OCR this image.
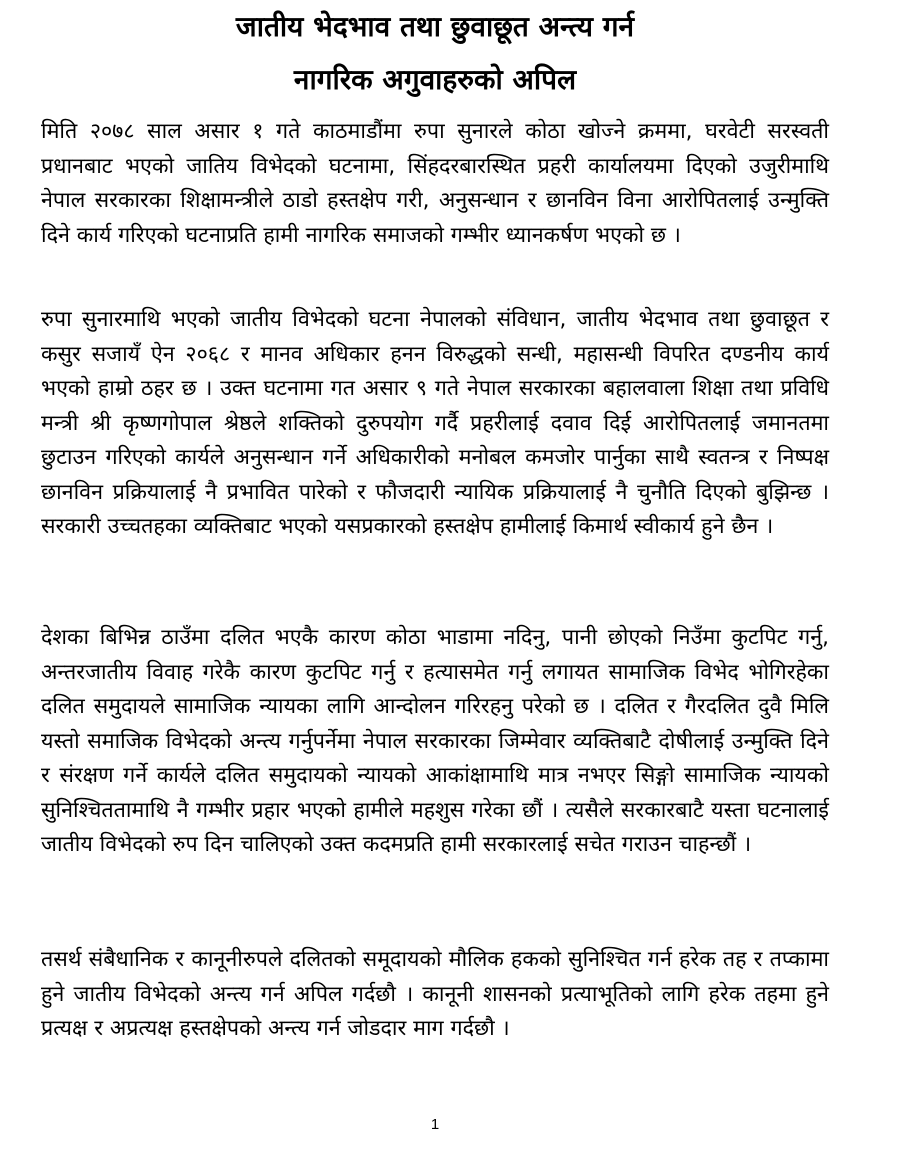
जातीय भेदभाव तथा छुवाछूत अन्त्य गर्न
नागरिक अगुवाहरुको अपिल

मिति २०७८ साल असार १ गते काठमाडौंमा रुपा सुनारले कोठा खोज्ने क्रममा, घरवेटी सरस्वती प्रधानबाट भएको जातिय विभेदको घटनामा, सिंहदरबारस्थित प्रहरी कार्यालयमा दिएको उजुरीमाथि नेपाल सरकारका शिक्षामन्त्रीले ठाडो हस्तक्षेप गरी, अनुसन्धान र छानविन विना आरोपितलाई उन्मुक्ति दिने कार्य गरिएको घटनाप्रति हामी नागरिक समाजको गम्भीर ध्यानकर्षण भएको छ ।

रुपा सुनारमाथि भएको जातीय विभेदको घटना नेपालको संविधान, जातीय भेदभाव तथा छुवाछूत र कसुर सजायँ ऐन २०६८ र मानव अधिकार हनन विरुद्धको सन्धी, महासन्धी विपरित दण्डनीय कार्य भएको हाम्रो ठहर छ । उक्त घटनामा गत असार ९ गते नेपाल सरकारका बहालवाला शिक्षा तथा प्रविधि मन्त्री श्री कृष्णगोपाल श्रेष्ठले शक्तिको दुरुपयोग गर्दै प्रहरीलाई दवाव दिई आरोपितलाई जमानतमा छुटाउन गरिएको कार्यले अनुसन्धान गर्ने अधिकारीको मनोबल कमजोर पार्नुका साथै स्वतन्त्र र निष्पक्ष छानविन प्रक्रियालाई नै प्रभावित पारेको र फौजदारी न्यायिक प्रक्रियालाई नै चुनौति दिएको बुझिन्छ । सरकारी उच्चतहका व्यक्तिबाट भएको यसप्रकारको हस्तक्षेप हामीलाई किमार्थ स्वीकार्य हुने छैन ।

देशका बिभिन्न ठाउँमा दलित भएकै कारण कोठा भाडामा नदिनु, पानी छोएको निउँमा कुटपिट गर्नु, अन्तरजातीय विवाह गरेकै कारण कुटपिट गर्नु र हत्यासमेत गर्नु लगायत सामाजिक विभेद भोगिरहेका दलित समुदायले सामाजिक न्यायका लागि आन्दोलन गरिरहनु परेको छ । दलित र गैरदलित दुवै मिलि यस्तो समाजिक विभेदको अन्त्य गर्नुपर्नेमा नेपाल सरकारका जिम्मेवार व्यक्तिबाटै दोषीलाई उन्मुक्ति दिने र संरक्षण गर्ने कार्यले दलित समुदायको न्यायको आकांक्षामाथि मात्र नभएर सिङ्गो सामाजिक न्यायको सुनिश्चिततामाथि नै गम्भीर प्रहार भएको हामीले महशुस गरेका छौं । त्यसैले सरकारबाटै यस्ता घटनालाई जातीय विभेदको रुप दिन चालिएको उक्त कदमप्रति हामी सरकारलाई सचेत गराउन चाहन्छौं ।

तसर्थ संबैधानिक र कानूनीरुपले दलितको समूदायको मौलिक हकको सुनिश्चित गर्न हरेक तह र तप्कामा हुने जातीय विभेदको अन्त्य गर्न अपिल गर्दछौ । कानूनी शासनको प्रत्याभूतिको लागि हरेक तहमा हुने प्रत्यक्ष र अप्रत्यक्ष हस्तक्षेपको अन्त्य गर्न जोडदार माग गर्दछौ ।

1
